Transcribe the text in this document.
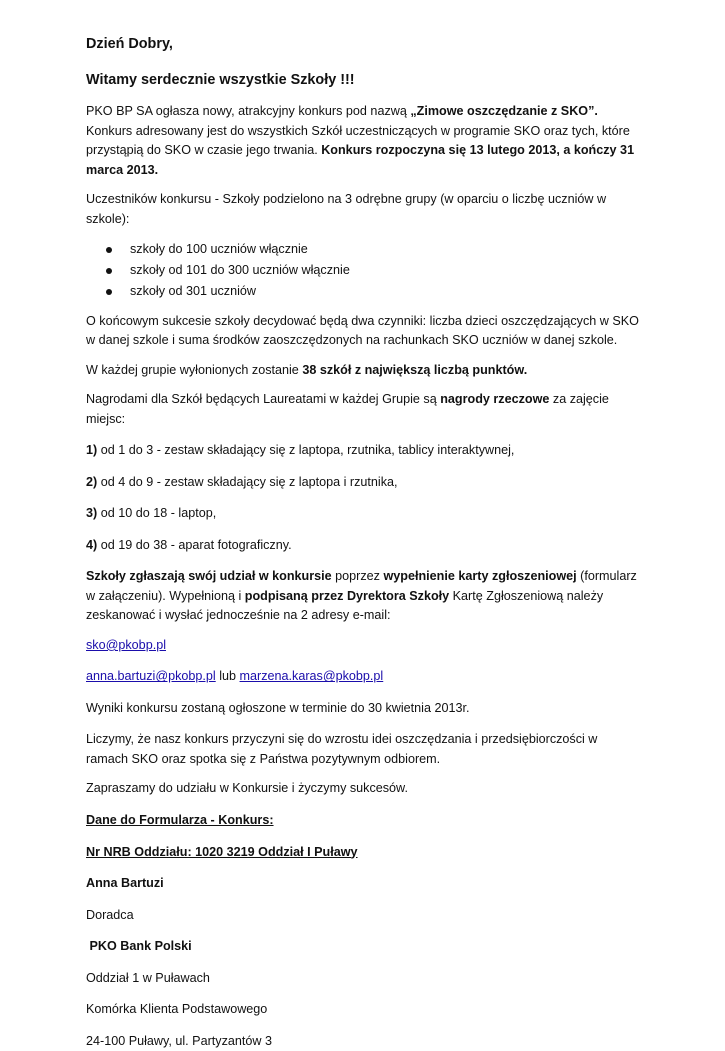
Dzień Dobry,
Witamy serdecznie wszystkie Szkoły !!!

PKO BP SA ogłasza nowy, atrakcyjny konkurs pod nazwą „Zimowe oszczędzanie z SKO”. Konkurs adresowany jest do wszystkich Szkół uczestniczących w programie SKO oraz tych, które przystąpią do SKO w czasie jego trwania. Konkurs rozpoczyna się 13 lutego 2013, a kończy 31 marca 2013.

Uczestników konkursu - Szkoły podzielono na 3 odrębne grupy (w oparciu o liczbę uczniów w szkole):

szkoły do 100 uczniów włącznie
szkoły od 101 do 300 uczniów włącznie
szkoły od 301 uczniów

O końcowym sukcesie szkoły decydować będą dwa czynniki: liczba dzieci oszczędzających w SKO w danej szkole i suma środków zaoszczędzonych na rachunkach SKO uczniów w danej szkole.

W każdej grupie wyłonionych zostanie 38 szkół z największą liczbą punktów.

Nagrodami dla Szkół będących Laureatami w każdej Grupie są nagrody rzeczowe za zajęcie miejsc:

1) od 1 do 3 - zestaw składający się z laptopa, rzutnika, tablicy interaktywnej,

2) od 4 do 9 - zestaw składający się z laptopa i rzutnika,

3) od 10 do 18 - laptop,

4) od 19 do 38 - aparat fotograficzny.

Szkoły zgłaszają swój udział w konkursie poprzez wypełnienie karty zgłoszeniowej (formularz w załączeniu). Wypełnioną i podpisaną przez Dyrektora Szkoły Kartę Zgłoszeniową należy zeskanować i wysłać jednocześnie na 2 adresy e-mail:

sko@pkobp.pl

anna.bartuzi@pkobp.pl lub marzena.karas@pkobp.pl

Wyniki konkursu zostaną ogłoszone w terminie do 30 kwietnia 2013r.

Liczymy, że nasz konkurs przyczyni się do wzrostu idei oszczędzania i przedsiębiorczości w ramach SKO oraz spotka się z Państwa pozytywnym odbiorem.

Zapraszamy do udziału w Konkursie i życzymy sukcesów.

Dane do Formularza - Konkurs:

Nr NRB Oddziału: 1020 3219 Oddział I Puławy

Anna Bartuzi

Doradca

PKO Bank Polski

Oddział 1 w Puławach

Komórka Klienta Podstawowego

24-100 Puławy, ul. Partyzantów 3
